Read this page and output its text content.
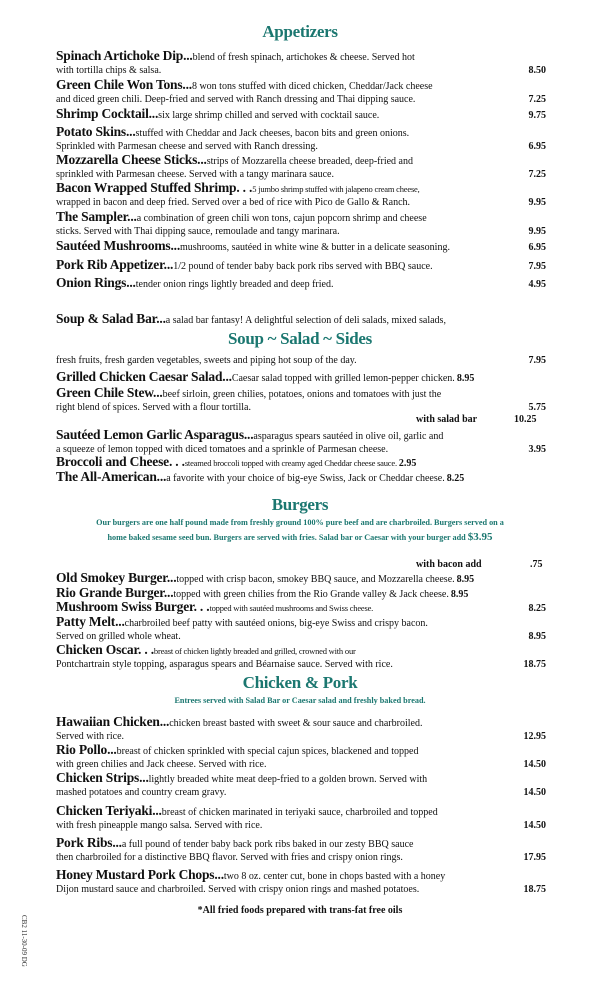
Appetizers
Spinach Artichoke Dip...blend of fresh spinach, artichokes & cheese. Served hot
with tortilla chips & salsa.	8.50
Green Chile Won Tons...8 won tons stuffed with diced chicken, Cheddar/Jack cheese
and diced green chili. Deep-fried and served with Ranch dressing and Thai dipping sauce.	7.25
Shrimp Cocktail...six large shrimp chilled and served with cocktail sauce.	9.75
Potato Skins...stuffed with Cheddar and Jack cheeses, bacon bits and green onions.
Sprinkled with Parmesan cheese and served with Ranch dressing.	6.95
Mozzarella Cheese Sticks...strips of Mozzarella cheese breaded, deep-fried and
sprinkled with Parmesan cheese. Served with a tangy marinara sauce.	7.25
Bacon Wrapped Stuffed Shrimp. . .5 jumbo shrimp stuffed with jalapeno cream cheese,
wrapped in bacon and deep fried. Served over a bed of rice with Pico de Gallo & Ranch.	9.95
The Sampler...a combination of green chili won tons, cajun popcorn shrimp and cheese
sticks. Served with Thai dipping sauce, remoulade and tangy marinara.	9.95
Sautéed Mushrooms...mushrooms, sautéed in white wine & butter in a delicate seasoning.	6.95
Pork Rib Appetizer...1/2 pound of tender baby back pork ribs served with BBQ sauce.	7.95
Onion Rings...tender onion rings lightly breaded and deep fried.	4.95
Soup & Salad Bar...a salad bar fantasy! A delightful selection of deli salads, mixed salads,
Soup ~ Salad ~ Sides
fresh fruits, fresh garden vegetables, sweets and piping hot soup of the day.	7.95
Grilled Chicken Caesar Salad...Caesar salad topped with grilled lemon-pepper chicken. 8.95
Green Chile Stew...beef sirloin, green chilies, potatoes, onions and tomatoes with just the
right blend of spices. Served with a flour tortilla.	5.75
with salad bar	10.25
Sautéed Lemon Garlic Asparagus...asparagus spears sautéed in olive oil, garlic and
a squeeze of lemon topped with diced tomatoes and a sprinkle of Parmesan cheese.	3.95
Broccoli and Cheese. . .steamed broccoli topped with creamy aged Cheddar cheese sauce. 2.95
The All-American...a favorite with your choice of big-eye Swiss, Jack or Cheddar cheese. 8.25
Burgers
Our burgers are one half pound made from freshly ground 100% pure beef and are charbroiled. Burgers served on a
home baked sesame seed bun. Burgers are served with fries. Salad bar or Caesar with your burger add $3.95
with bacon add	.75
Old Smokey Burger...topped with crisp bacon, smokey BBQ sauce, and Mozzarella cheese. 8.95
Rio Grande Burger...topped with green chilies from the Rio Grande valley & Jack cheese. 8.95
Mushroom Swiss Burger. . .topped with sautéed mushrooms and Swiss cheese.	8.25
Patty Melt...charbroiled beef patty with sautéed onions, big-eye Swiss and crispy bacon.
Served on grilled whole wheat.	8.95
Chicken Oscar. . .breast of chicken lightly breaded and grilled, crowned with our
Pontchartrain style topping, asparagus spears and Béarnaise sauce. Served with rice.	18.75
Chicken & Pork
Entrees served with Salad Bar or Caesar salad and freshly baked bread.
Hawaiian Chicken...chicken breast basted with sweet & sour sauce and charbroiled.
Served with rice.	12.95
Rio Pollo...breast of chicken sprinkled with special cajun spices, blackened and topped
with green chilies and Jack cheese. Served with rice.	14.50
Chicken Strips...lightly breaded white meat deep-fried to a golden brown. Served with
mashed potatoes and country cream gravy.	14.50
Chicken Teriyaki...breast of chicken marinated in teriyaki sauce, charbroiled and topped
with fresh pineapple mango salsa. Served with rice.	14.50
Pork Ribs...a full pound of tender baby back pork ribs baked in our zesty BBQ sauce
then charbroiled for a distinctive BBQ flavor. Served with fries and crispy onion rings.	17.95
Honey Mustard Pork Chops...two 8 oz. center cut, bone in chops basted with a honey
Dijon mustard sauce and charbroiled. Served with crispy onion rings and mashed potatoes.	18.75
*All fried foods prepared with trans-fat free oils
CB2 11-30-09 DG
